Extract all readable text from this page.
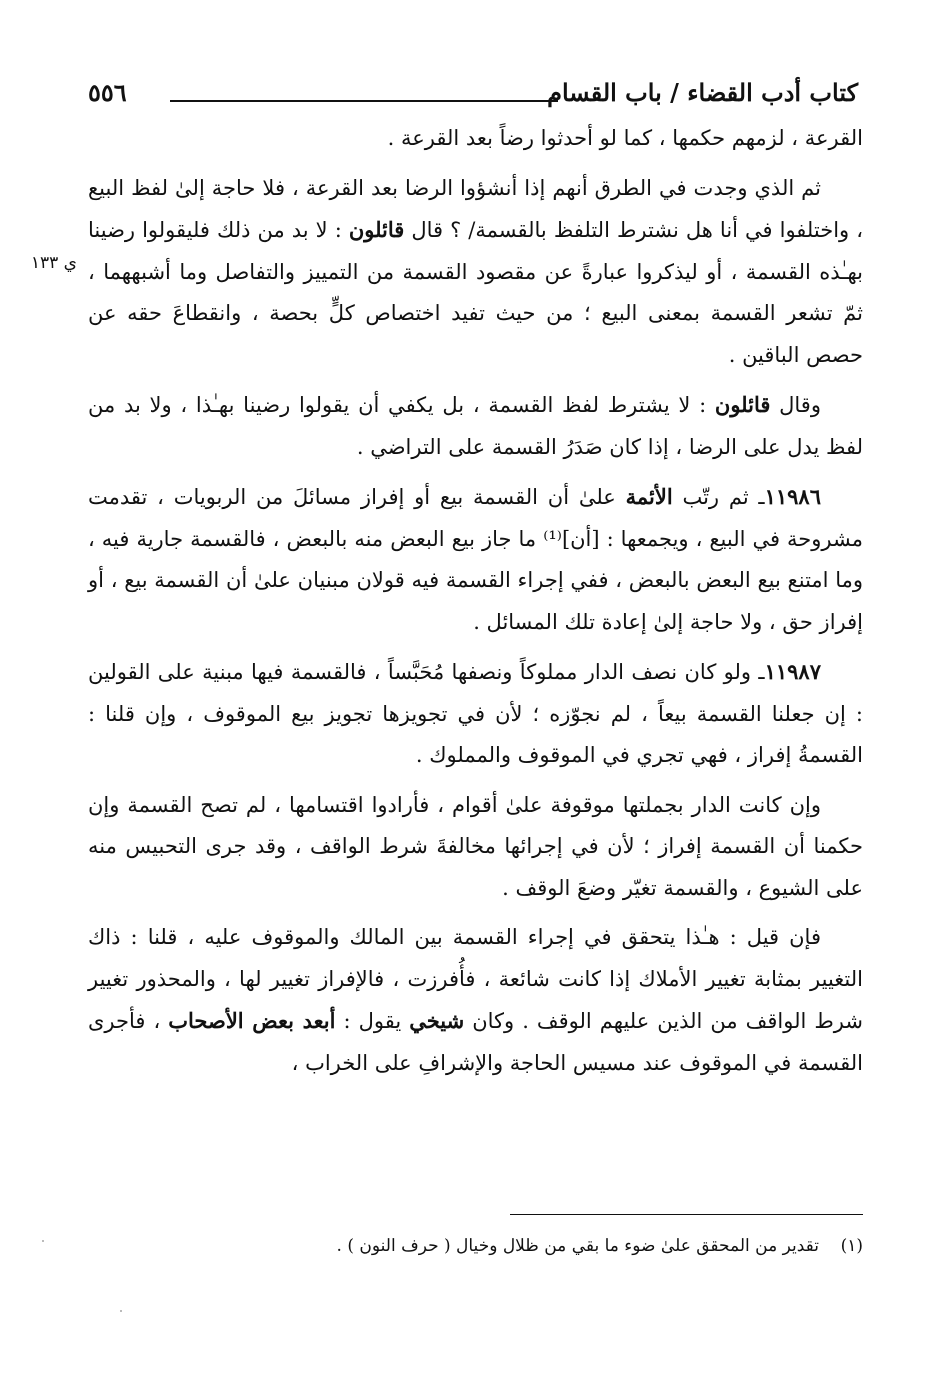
كتاب أدب القضاء / باب القسام
٥٥٦
ي ١٣٣

القرعة ، لزمهم حكمها ، كما لو أحدثوا رضاً بعد القرعة .

ثم الذي وجدت في الطرق أنهم إذا أنشؤوا الرضا بعد القرعة ، فلا حاجة إلىٰ لفظ البيع ، واختلفوا في أنا هل نشترط التلفظ بالقسمة/ ؟ قال قائلون : لا بد من ذلك فليقولوا رضينا بهـٰذه القسمة ، أو ليذكروا عبارةً عن مقصود القسمة من التمييز والتفاصل وما أشبههما ، ثمّ تشعر القسمة بمعنى البيع ؛ من حيث تفيد اختصاص كلٍّ بحصة ، وانقطاعَ حقه عن حصص الباقين .

وقال قائلون : لا يشترط لفظ القسمة ، بل يكفي أن يقولوا رضينا بهـٰذا ، ولا بد من لفظ يدل على الرضا ، إذا كان صَدَرُ القسمة على التراضي .

١١٩٨٦ـ ثم رتّب الأئمة علىٰ أن القسمة بيع أو إفراز مسائلَ من الربويات ، تقدمت مشروحة في البيع ، ويجمعها : [أن]⁽¹⁾ ما جاز بيع البعض منه بالبعض ، فالقسمة جارية فيه ، وما امتنع بيع البعض بالبعض ، ففي إجراء القسمة فيه قولان مبنيان علىٰ أن القسمة بيع ، أو إفراز حق ، ولا حاجة إلىٰ إعادة تلك المسائل .

١١٩٨٧ـ ولو كان نصف الدار مملوكاً ونصفها مُحَبَّساً ، فالقسمة فيها مبنية على القولين : إن جعلنا القسمة بيعاً ، لم نجوّزه ؛ لأن في تجويزها تجويز بيع الموقوف ، وإن قلنا : القسمةُ إفراز ، فهي تجري في الموقوف والمملوك .

وإن كانت الدار بجملتها موقوفة علىٰ أقوام ، فأرادوا اقتسامها ، لم تصح القسمة وإن حكمنا أن القسمة إفراز ؛ لأن في إجرائها مخالفةَ شرط الواقف ، وقد جرى التحبيس منه على الشيوع ، والقسمة تغيّر وضعَ الوقف .

فإن قيل : هـٰذا يتحقق في إجراء القسمة بين المالك والموقوف عليه ، قلنا : ذاك التغيير بمثابة تغيير الأملاك إذا كانت شائعة ، فأُفرزت ، فالإفراز تغيير لها ، والمحذور تغيير شرط الواقف من الذين عليهم الوقف . وكان شيخي يقول : أبعد بعض الأصحاب ، فأجرى القسمة في الموقوف عند مسيس الحاجة والإشرافِ على الخراب ،

(١)    تقدير من المحقق علىٰ ضوء ما بقي من ظلال وخيال ( حرف النون ) .
